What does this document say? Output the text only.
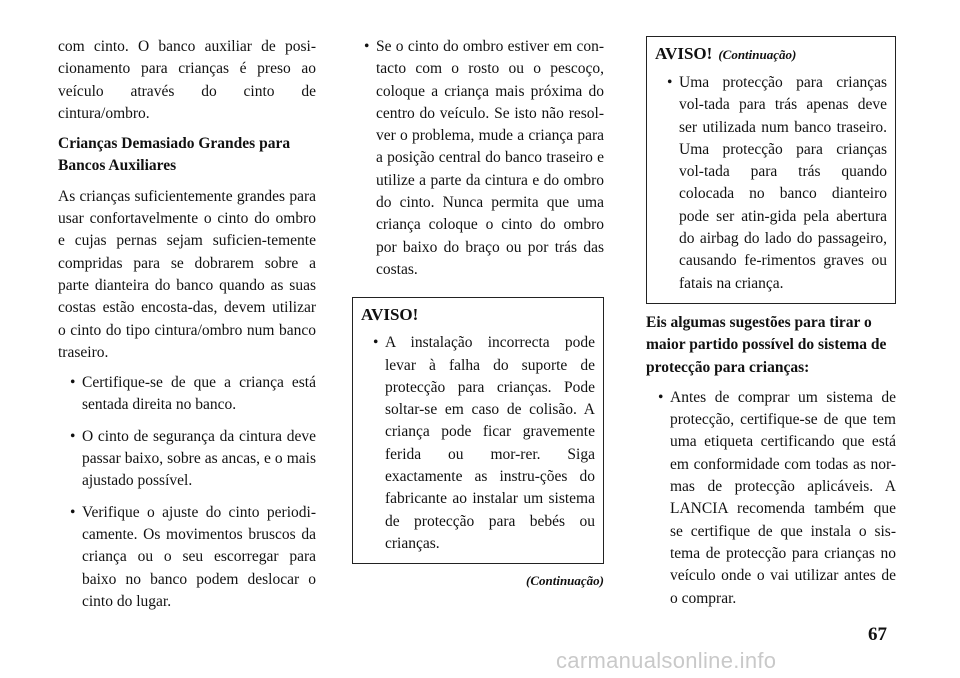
com cinto. O banco auxiliar de posi-cionamento para crianças é preso ao veículo através do cinto de cintura/ombro.

Crianças Demasiado Grandes para Bancos Auxiliares

As crianças suficientemente grandes para usar confortavelmente o cinto do ombro e cujas pernas sejam suficien-temente compridas para se dobrarem sobre a parte dianteira do banco quando as suas costas estão encosta-das, devem utilizar o cinto do tipo cintura/ombro num banco traseiro.

• Certifique-se de que a criança está sentada direita no banco.
• O cinto de segurança da cintura deve passar baixo, sobre as ancas, e o mais ajustado possível.
• Verifique o ajuste do cinto periodi-camente. Os movimentos bruscos da criança ou o seu escorregar para baixo no banco podem deslocar o cinto do lugar.
• Se o cinto do ombro estiver em con-tacto com o rosto ou o pescoço, coloque a criança mais próxima do centro do veículo. Se isto não resol-ver o problema, mude a criança para a posição central do banco traseiro e utilize a parte da cintura e do ombro do cinto. Nunca permita que uma criança coloque o cinto do ombro por baixo do braço ou por trás das costas.
AVISO!
• A instalação incorrecta pode levar à falha do suporte de protecção para crianças. Pode soltar-se em caso de colisão. A criança pode ficar gravemente ferida ou mor-rer. Siga exactamente as instru-ções do fabricante ao instalar um sistema de protecção para bebés ou crianças.
(Continuação)
AVISO! (Continuação)
• Uma protecção para crianças vol-tada para trás apenas deve ser utilizada num banco traseiro. Uma protecção para crianças vol-tada para trás quando colocada no banco dianteiro pode ser atin-gida pela abertura do airbag do lado do passageiro, causando fe-rimentos graves ou fatais na criança.
Eis algumas sugestões para tirar o maior partido possível do sistema de protecção para crianças:
• Antes de comprar um sistema de protecção, certifique-se de que tem uma etiqueta certificando que está em conformidade com todas as nor-mas de protecção aplicáveis. A LANCIA recomenda também que se certifique de que instala o sis-tema de protecção para crianças no veículo onde o vai utilizar antes de o comprar.
67
carmanualsonline.info
